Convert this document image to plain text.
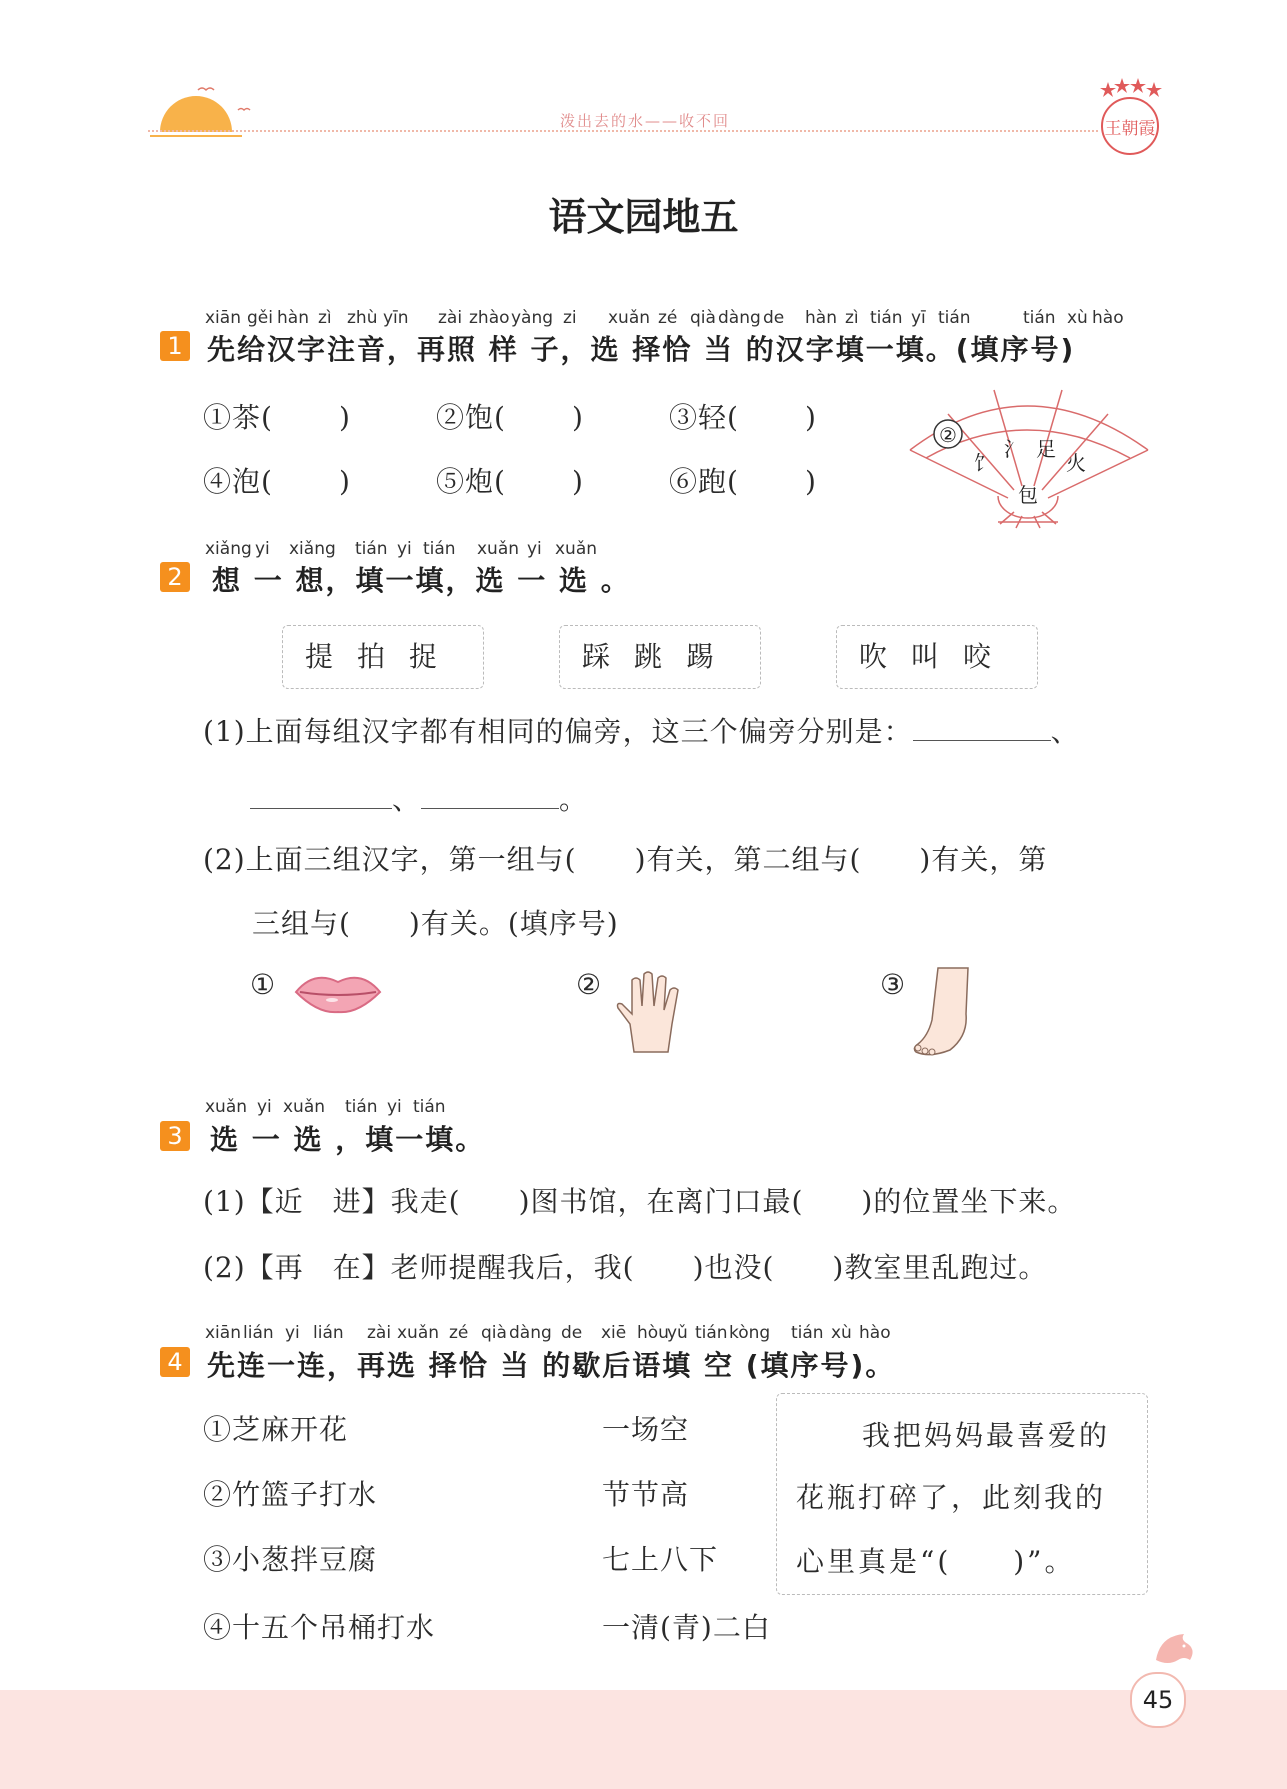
泼出去的水——收不回	王朝霞
语文园地五
xiān gěi hàn zì zhù yīn zài zhào yàng zi xuǎn zé qià dàng de hàn zì tián yī tián	tián xù hào
1 先给汉字注音，再照 样 子，选 择恰 当 的汉字填一填。(填序号)
①茶( )	②饱( )	③轻( )
④泡( )	⑤炮( )	⑥跑( )
②
饣
氵 足
火
包
xiǎng yi xiǎng tián yi tián xuǎn yi xuǎn
2 想 一 想，填一填，选 一 选 。
提拍捉	踩跳踢	吹叫咬
(1)上面每组汉字都有相同的偏旁，这三个偏旁分别是：	、
、	。
(2)上面三组汉字，第一组与(　　)有关，第二组与(　　)有关，第
三组与(　　)有关。(填序号)
①	②	③
xuǎn yi xuǎn tián yi tián
3 选 一 选 ，填一填。
(1)【近　进】我走(　　)图书馆，在离门口最(　　)的位置坐下来。
(2)【再　在】老师提醒我后，我(　　)也没(　　)教室里乱跑过。
xiān lián yi lián zài xuǎn zé qià dàng de xiē hòu
yǔ tián kòng tián xù hào
4 先连一连，再选 择恰 当 的歇后语填 空 (填序号)。
①芝麻开花
②竹篮子打水
③小葱拌豆腐
④十五个吊桶打水
一场空
节节高
七上八下
一清(青)二白
我把妈妈最喜爱的
花瓶打碎了，此刻我的
心里真是“(　　)”。
45
